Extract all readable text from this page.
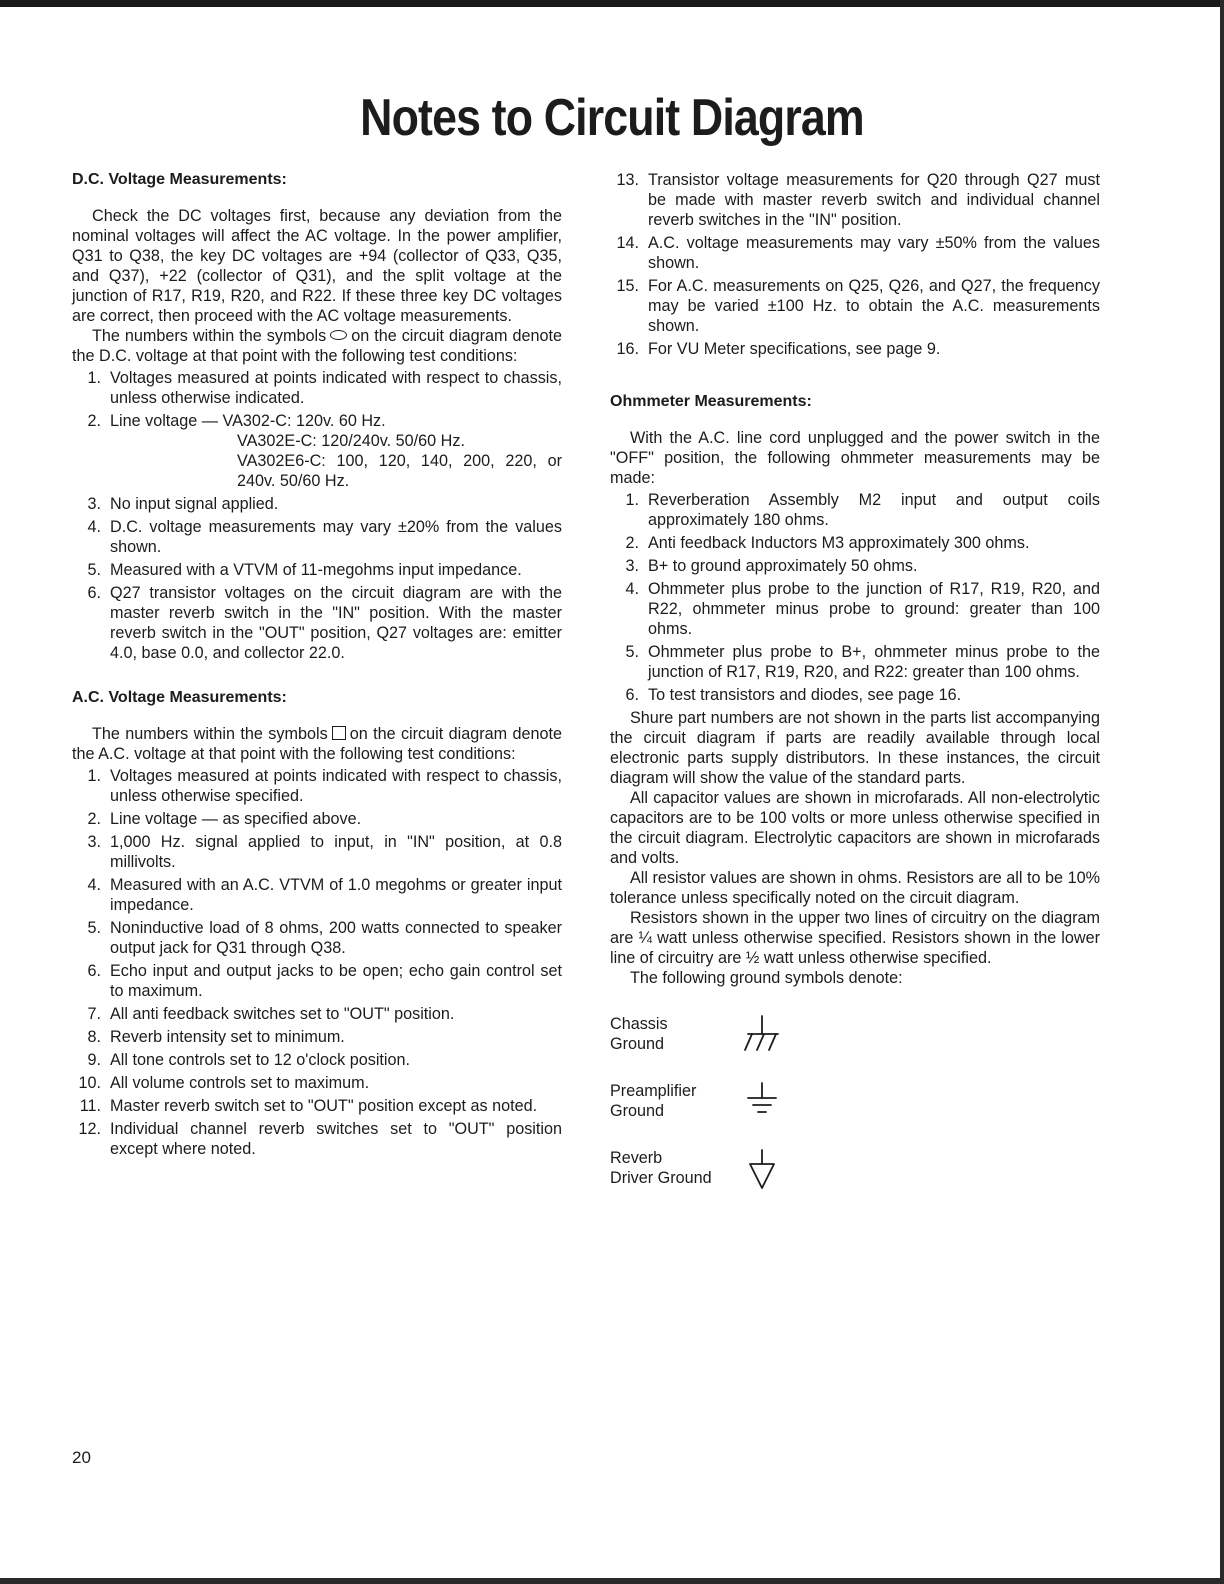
Notes to Circuit Diagram
D.C. Voltage Measurements:

Check the DC voltages first, because any deviation from the nominal voltages will affect the AC voltage. In the power amplifier, Q31 to Q38, the key DC voltages are +94 (collector of Q33, Q35, and Q37), +22 (collector of Q31), and the split voltage at the junction of R17, R19, R20, and R22. If these three key DC voltages are correct, then proceed with the AC voltage measurements.

The numbers within the symbols on the circuit diagram denote the D.C. voltage at that point with the following test conditions:

1. Voltages measured at points indicated with respect to chassis, unless otherwise indicated.
2. Line voltage — VA302-C: 120v. 60 Hz.
VA302E-C: 120/240v. 50/60 Hz.
VA302E6-C: 100, 120, 140, 200, 220, or 240v. 50/60 Hz.
3. No input signal applied.
4. D.C. voltage measurements may vary ±20% from the values shown.
5. Measured with a VTVM of 11-megohms input impedance.
6. Q27 transistor voltages on the circuit diagram are with the master reverb switch in the "IN" position. With the master reverb switch in the "OUT" position, Q27 voltages are: emitter 4.0, base 0.0, and collector 22.0.
A.C. Voltage Measurements:

The numbers within the symbols on the circuit diagram denote the A.C. voltage at that point with the following test conditions:

1. Voltages measured at points indicated with respect to chassis, unless otherwise specified.
2. Line voltage — as specified above.
3. 1,000 Hz. signal applied to input, in "IN" position, at 0.8 millivolts.
4. Measured with an A.C. VTVM of 1.0 megohms or greater input impedance.
5. Noninductive load of 8 ohms, 200 watts connected to speaker output jack for Q31 through Q38.
6. Echo input and output jacks to be open; echo gain control set to maximum.
7. All anti feedback switches set to "OUT" position.
8. Reverb intensity set to minimum.
9. All tone controls set to 12 o'clock position.
10. All volume controls set to maximum.
11. Master reverb switch set to "OUT" position except as noted.
12. Individual channel reverb switches set to "OUT" position except where noted.
13. Transistor voltage measurements for Q20 through Q27 must be made with master reverb switch and individual channel reverb switches in the "IN" position.
14. A.C. voltage measurements may vary ±50% from the values shown.
15. For A.C. measurements on Q25, Q26, and Q27, the frequency may be varied ±100 Hz. to obtain the A.C. measurements shown.
16. For VU Meter specifications, see page 9.
Ohmmeter Measurements:

With the A.C. line cord unplugged and the power switch in the "OFF" position, the following ohmmeter measurements may be made:

1. Reverberation Assembly M2 input and output coils approximately 180 ohms.
2. Anti feedback Inductors M3 approximately 300 ohms.
3. B+ to ground approximately 50 ohms.
4. Ohmmeter plus probe to the junction of R17, R19, R20, and R22, ohmmeter minus probe to ground: greater than 100 ohms.
5. Ohmmeter plus probe to B+, ohmmeter minus probe to the junction of R17, R19, R20, and R22: greater than 100 ohms.
6. To test transistors and diodes, see page 16.

Shure part numbers are not shown in the parts list accompanying the circuit diagram if parts are readily available through local electronic parts supply distributors. In these instances, the circuit diagram will show the value of the standard parts.

All capacitor values are shown in microfarads. All non-electrolytic capacitors are to be 100 volts or more unless otherwise specified in the circuit diagram. Electrolytic capacitors are shown in microfarads and volts.

All resistor values are shown in ohms. Resistors are all to be 10% tolerance unless specifically noted on the circuit diagram.

Resistors shown in the upper two lines of circuitry on the diagram are ¼ watt unless otherwise specified. Resistors shown in the lower line of circuitry are ½ watt unless otherwise specified.

The following ground symbols denote:

Chassis
Ground
Preamplifier
Ground
Reverb
Driver Ground
20
